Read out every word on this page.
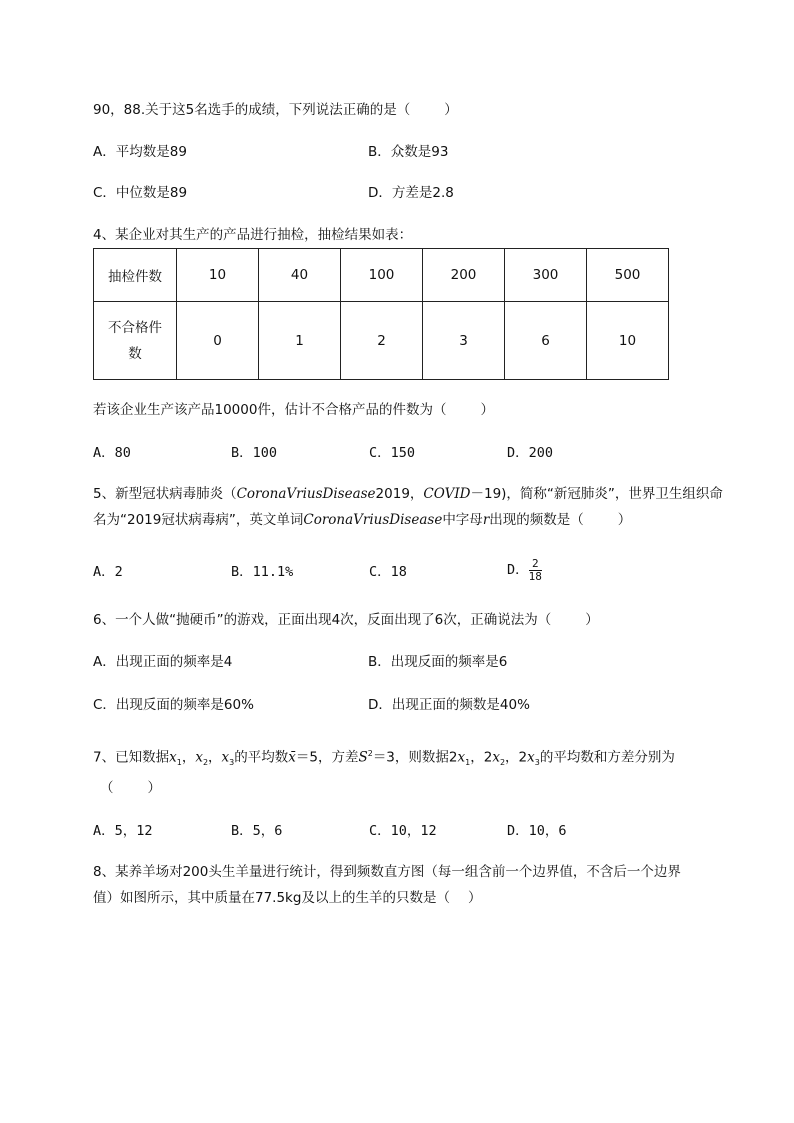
90，88.关于这5名选手的成绩，下列说法正确的是（	）
A．平均数是89	B．众数是93
C．中位数是89	D．方差是2.8
4、某企业对其生产的产品进行抽检，抽检结果如表：
抽检件数	10	40	100	200	300	500

不合格件
数	0	1	2	3	6	10
若该企业生产该产品10000件，估计不合格产品的件数为（	）
A．80	B．100	C．150	D．200
5、新型冠状病毒肺炎（CoronaVriusDisease2019，COVID－19)，简称“新冠肺炎”，世界卫生组织命
名为“2019冠状病毒病”，英文单词CoronaVriusDisease中字母r出现的频数是（	）
A．2	B．11.1%	C．18	D． $\frac{2}{18}$
6、一个人做“抛硬币”的游戏，正面出现4次，反面出现了6次，正确说法为（	）
A．出现正面的频率是4	B．出现反面的频率是6
C．出现反面的频率是60%	D．出现正面的频数是40%
7、已知数据$x_1$，$x_2$，$x_3$的平均数x̄＝5，方差$S^2=3$，则数据$2x_1$，$2x_2$，$2x_3$的平均数和方差分别为
（	）
A．5，12	B．5，6	C．10，12	D．10，6
8、某养羊场对200头生羊量进行统计，得到频数直方图（每一组含前一个边界值，不含后一个边界
值）如图所示，其中质量在77.5kg及以上的生羊的只数是（ ）
